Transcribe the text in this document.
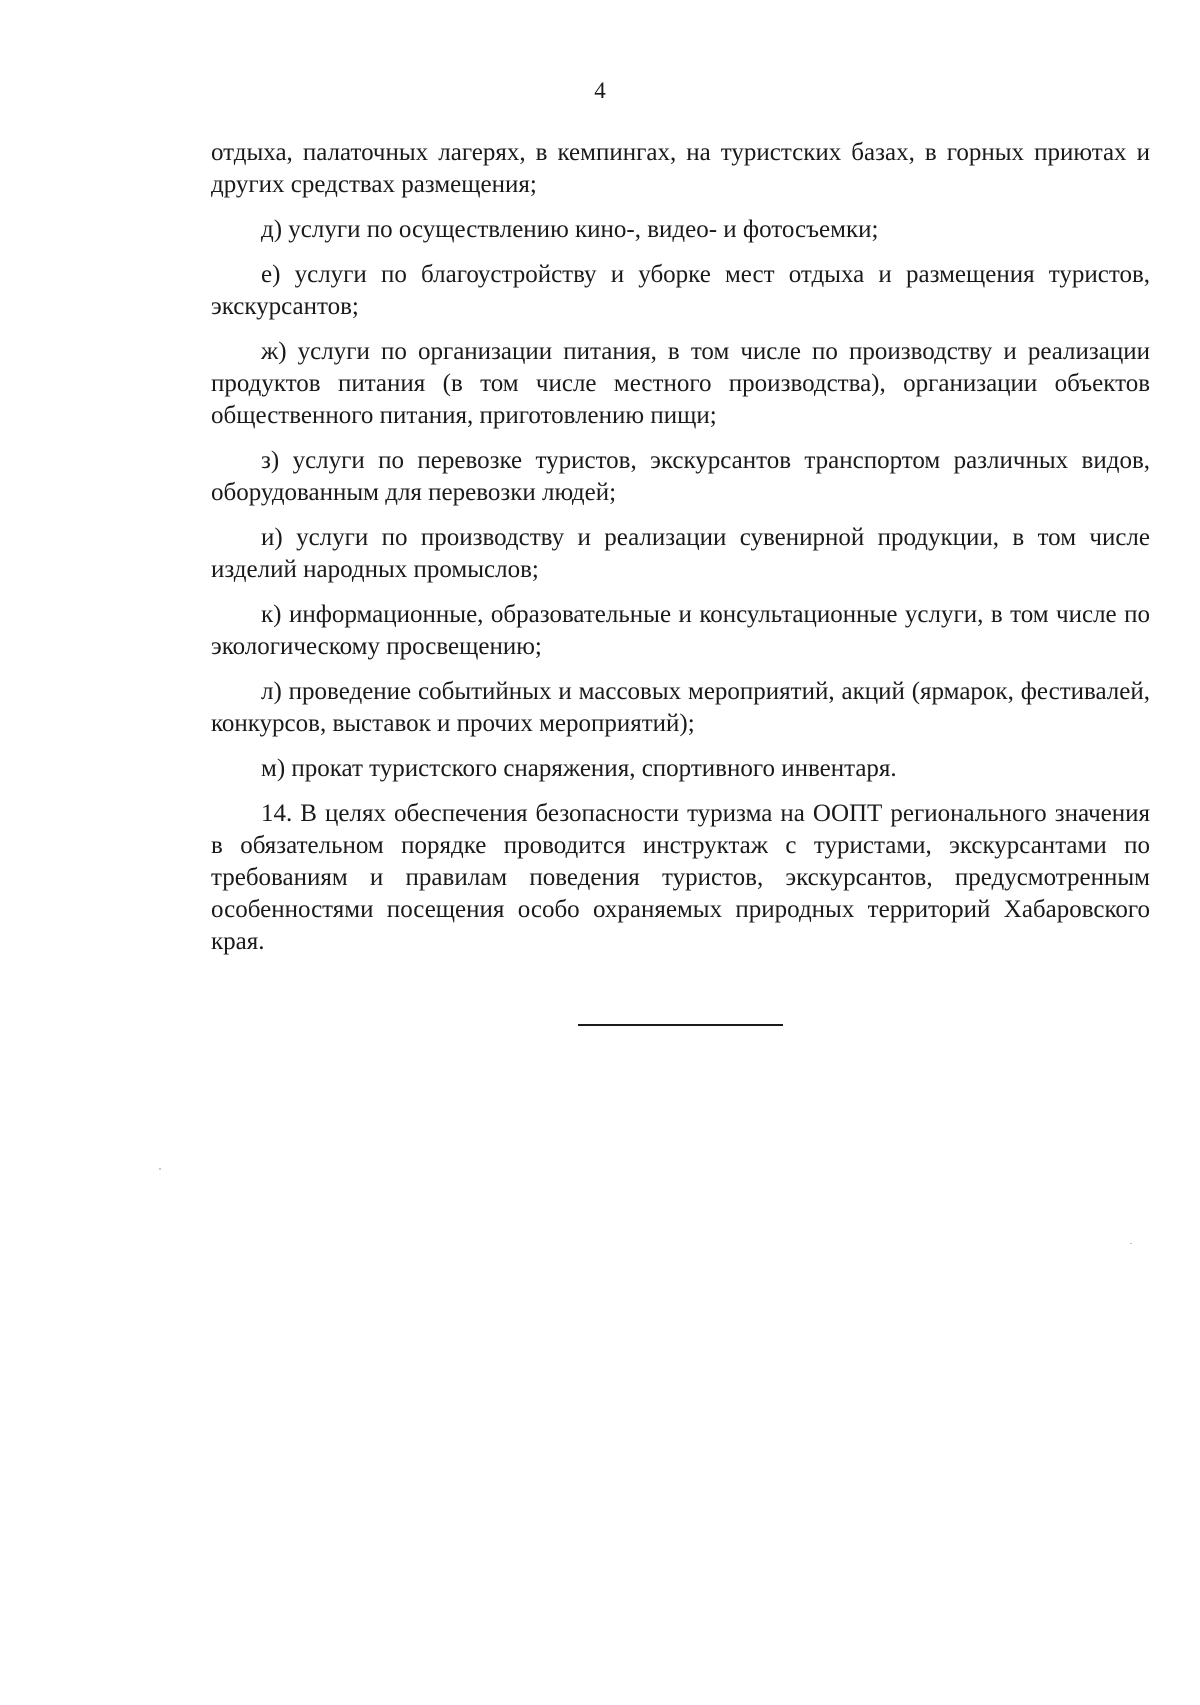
4

отдыха, палаточных лагерях, в кемпингах, на туристских базах, в горных приютах и других средствах размещения;

д) услуги по осуществлению кино-, видео- и фотосъемки;

е) услуги по благоустройству и уборке мест отдыха и размещения туристов, экскурсантов;

ж) услуги по организации питания, в том числе по производству и реализации продуктов питания (в том числе местного производства), организации объектов общественного питания, приготовлению пищи;

з) услуги по перевозке туристов, экскурсантов транспортом различных видов, оборудованным для перевозки людей;

и) услуги по производству и реализации сувенирной продукции, в том числе изделий народных промыслов;

к) информационные, образовательные и консультационные услуги, в том числе по экологическому просвещению;

л) проведение событийных и массовых мероприятий, акций (ярмарок, фестивалей, конкурсов, выставок и прочих мероприятий);

м) прокат туристского снаряжения, спортивного инвентаря.

14. В целях обеспечения безопасности туризма на ООПТ регионального значения в обязательном порядке проводится инструктаж с туристами, экскурсантами по требованиям и правилам поведения туристов, экскурсантов, предусмотренным особенностями посещения особо охраняемых природных территорий Хабаровского края.
